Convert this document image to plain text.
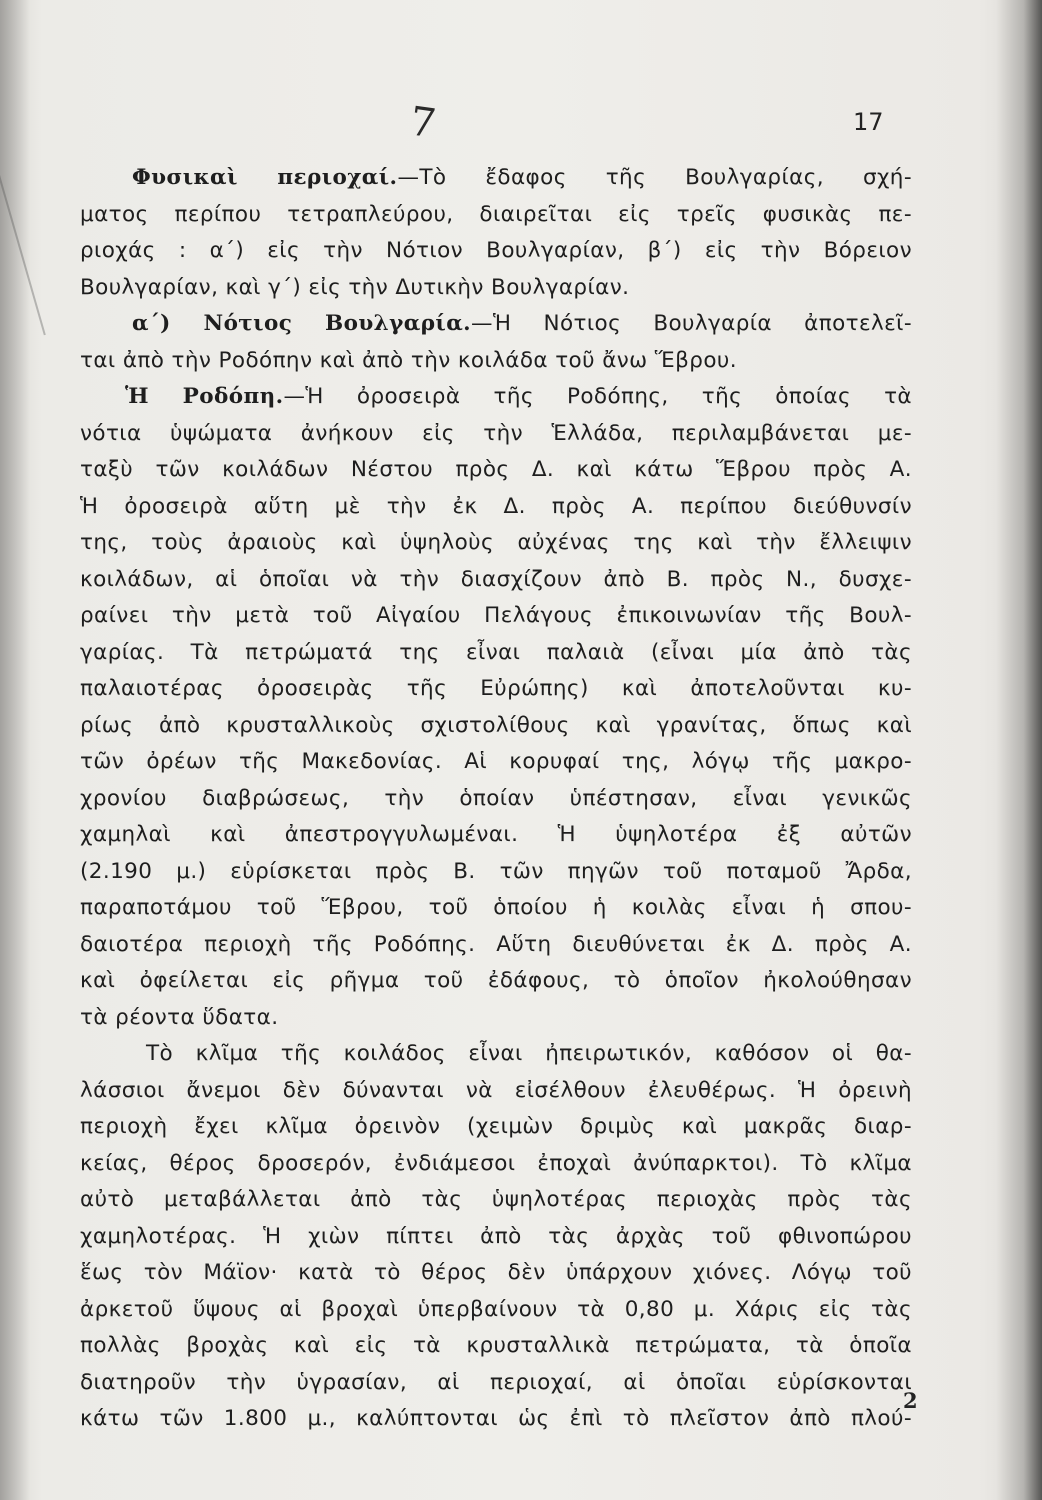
7	17
Φυσικαὶ περιοχαί.—Τὸ ἔδαφος τῆς Βουλγαρίας, σχή-
ματος περίπου τετραπλεύρου, διαιρεῖται εἰς τρεῖς φυσικὰς πε-
ριοχάς : α΄) εἰς τὴν Νότιον Βουλγαρίαν, β΄) εἰς τὴν Βόρειον
Βουλγαρίαν, καὶ γ΄) εἰς τὴν Δυτικὴν Βουλγαρίαν.
α΄) Νότιος Βουλγαρία.—Ἡ Νότιος Βουλγαρία ἀποτελεῖ-
ται ἀπὸ τὴν Ροδόπην καὶ ἀπὸ τὴν κοιλάδα τοῦ ἄνω Ἕβρου.
Ἡ Ροδόπη.—Ἡ ὀροσειρὰ τῆς Ροδόπης, τῆς ὁποίας τὰ
νότια ὑψώματα ἀνήκουν εἰς τὴν Ἑλλάδα, περιλαμβάνεται με-
ταξὺ τῶν κοιλάδων Νέστου πρὸς Δ. καὶ κάτω Ἕβρου πρὸς Α.
Ἡ ὀροσειρὰ αὕτη μὲ τὴν ἐκ Δ. πρὸς Α. περίπου διεύθυνσίν
της, τοὺς ἀραιοὺς καὶ ὑψηλοὺς αὐχένας της καὶ τὴν ἔλλειψιν
κοιλάδων, αἱ ὁποῖαι νὰ τὴν διασχίζουν ἀπὸ Β. πρὸς Ν., δυσχε-
ραίνει τὴν μετὰ τοῦ Αἰγαίου Πελάγους ἐπικοινωνίαν τῆς Βουλ-
γαρίας. Τὰ πετρώματά της εἶναι παλαιὰ (εἶναι μία ἀπὸ τὰς
παλαιοτέρας ὀροσειρὰς τῆς Εὐρώπης) καὶ ἀποτελοῦνται κυ-
ρίως ἀπὸ κρυσταλλικοὺς σχιστολίθους καὶ γρανίτας, ὅπως καὶ
τῶν ὀρέων τῆς Μακεδονίας. Αἱ κορυφαί της, λόγῳ τῆς μακρο-
χρονίου διαβρώσεως, τὴν ὁποίαν ὑπέστησαν, εἶναι γενικῶς
χαμηλαὶ καὶ ἀπεστρογγυλωμέναι. Ἡ ὑψηλοτέρα ἐξ αὐτῶν
(2.190 μ.) εὑρίσκεται πρὸς Β. τῶν πηγῶν τοῦ ποταμοῦ Ἄρδα,
παραποτάμου τοῦ Ἕβρου, τοῦ ὁποίου ἡ κοιλὰς εἶναι ἡ σπου-
δαιοτέρα περιοχὴ τῆς Ροδόπης. Αὕτη διευθύνεται ἐκ Δ. πρὸς Α.
καὶ ὀφείλεται εἰς ρῆγμα τοῦ ἐδάφους, τὸ ὁποῖον ἠκολούθησαν
τὰ ρέοντα ὕδατα.
Τὸ κλῖμα τῆς κοιλάδος εἶναι ἠπειρωτικόν, καθόσον οἱ θα-
λάσσιοι ἄνεμοι δὲν δύνανται νὰ εἰσέλθουν ἐλευθέρως. Ἡ ὀρεινὴ
περιοχὴ ἔχει κλῖμα ὀρεινὸν (χειμὼν δριμὺς καὶ μακρᾶς διαρ-
κείας, θέρος δροσερόν, ἐνδιάμεσοι ἐποχαὶ ἀνύπαρκτοι). Τὸ κλῖμα
αὐτὸ μεταβάλλεται ἀπὸ τὰς ὑψηλοτέρας περιοχὰς πρὸς τὰς
χαμηλοτέρας. Ἡ χιὼν πίπτει ἀπὸ τὰς ἀρχὰς τοῦ φθινοπώρου
ἕως τὸν Μάϊον· κατὰ τὸ θέρος δὲν ὑπάρχουν χιόνες. Λόγῳ τοῦ
ἀρκετοῦ ὕψους αἱ βροχαὶ ὑπερβαίνουν τὰ 0,80 μ. Χάρις εἰς τὰς
πολλὰς βροχὰς καὶ εἰς τὰ κρυσταλλικὰ πετρώματα, τὰ ὁποῖα
διατηροῦν τὴν ὑγρασίαν, αἱ περιοχαί, αἱ ὁποῖαι εὑρίσκονται
κάτω τῶν 1.800 μ., καλύπτονται ὡς ἐπὶ τὸ πλεῖστον ἀπὸ πλού-
2
